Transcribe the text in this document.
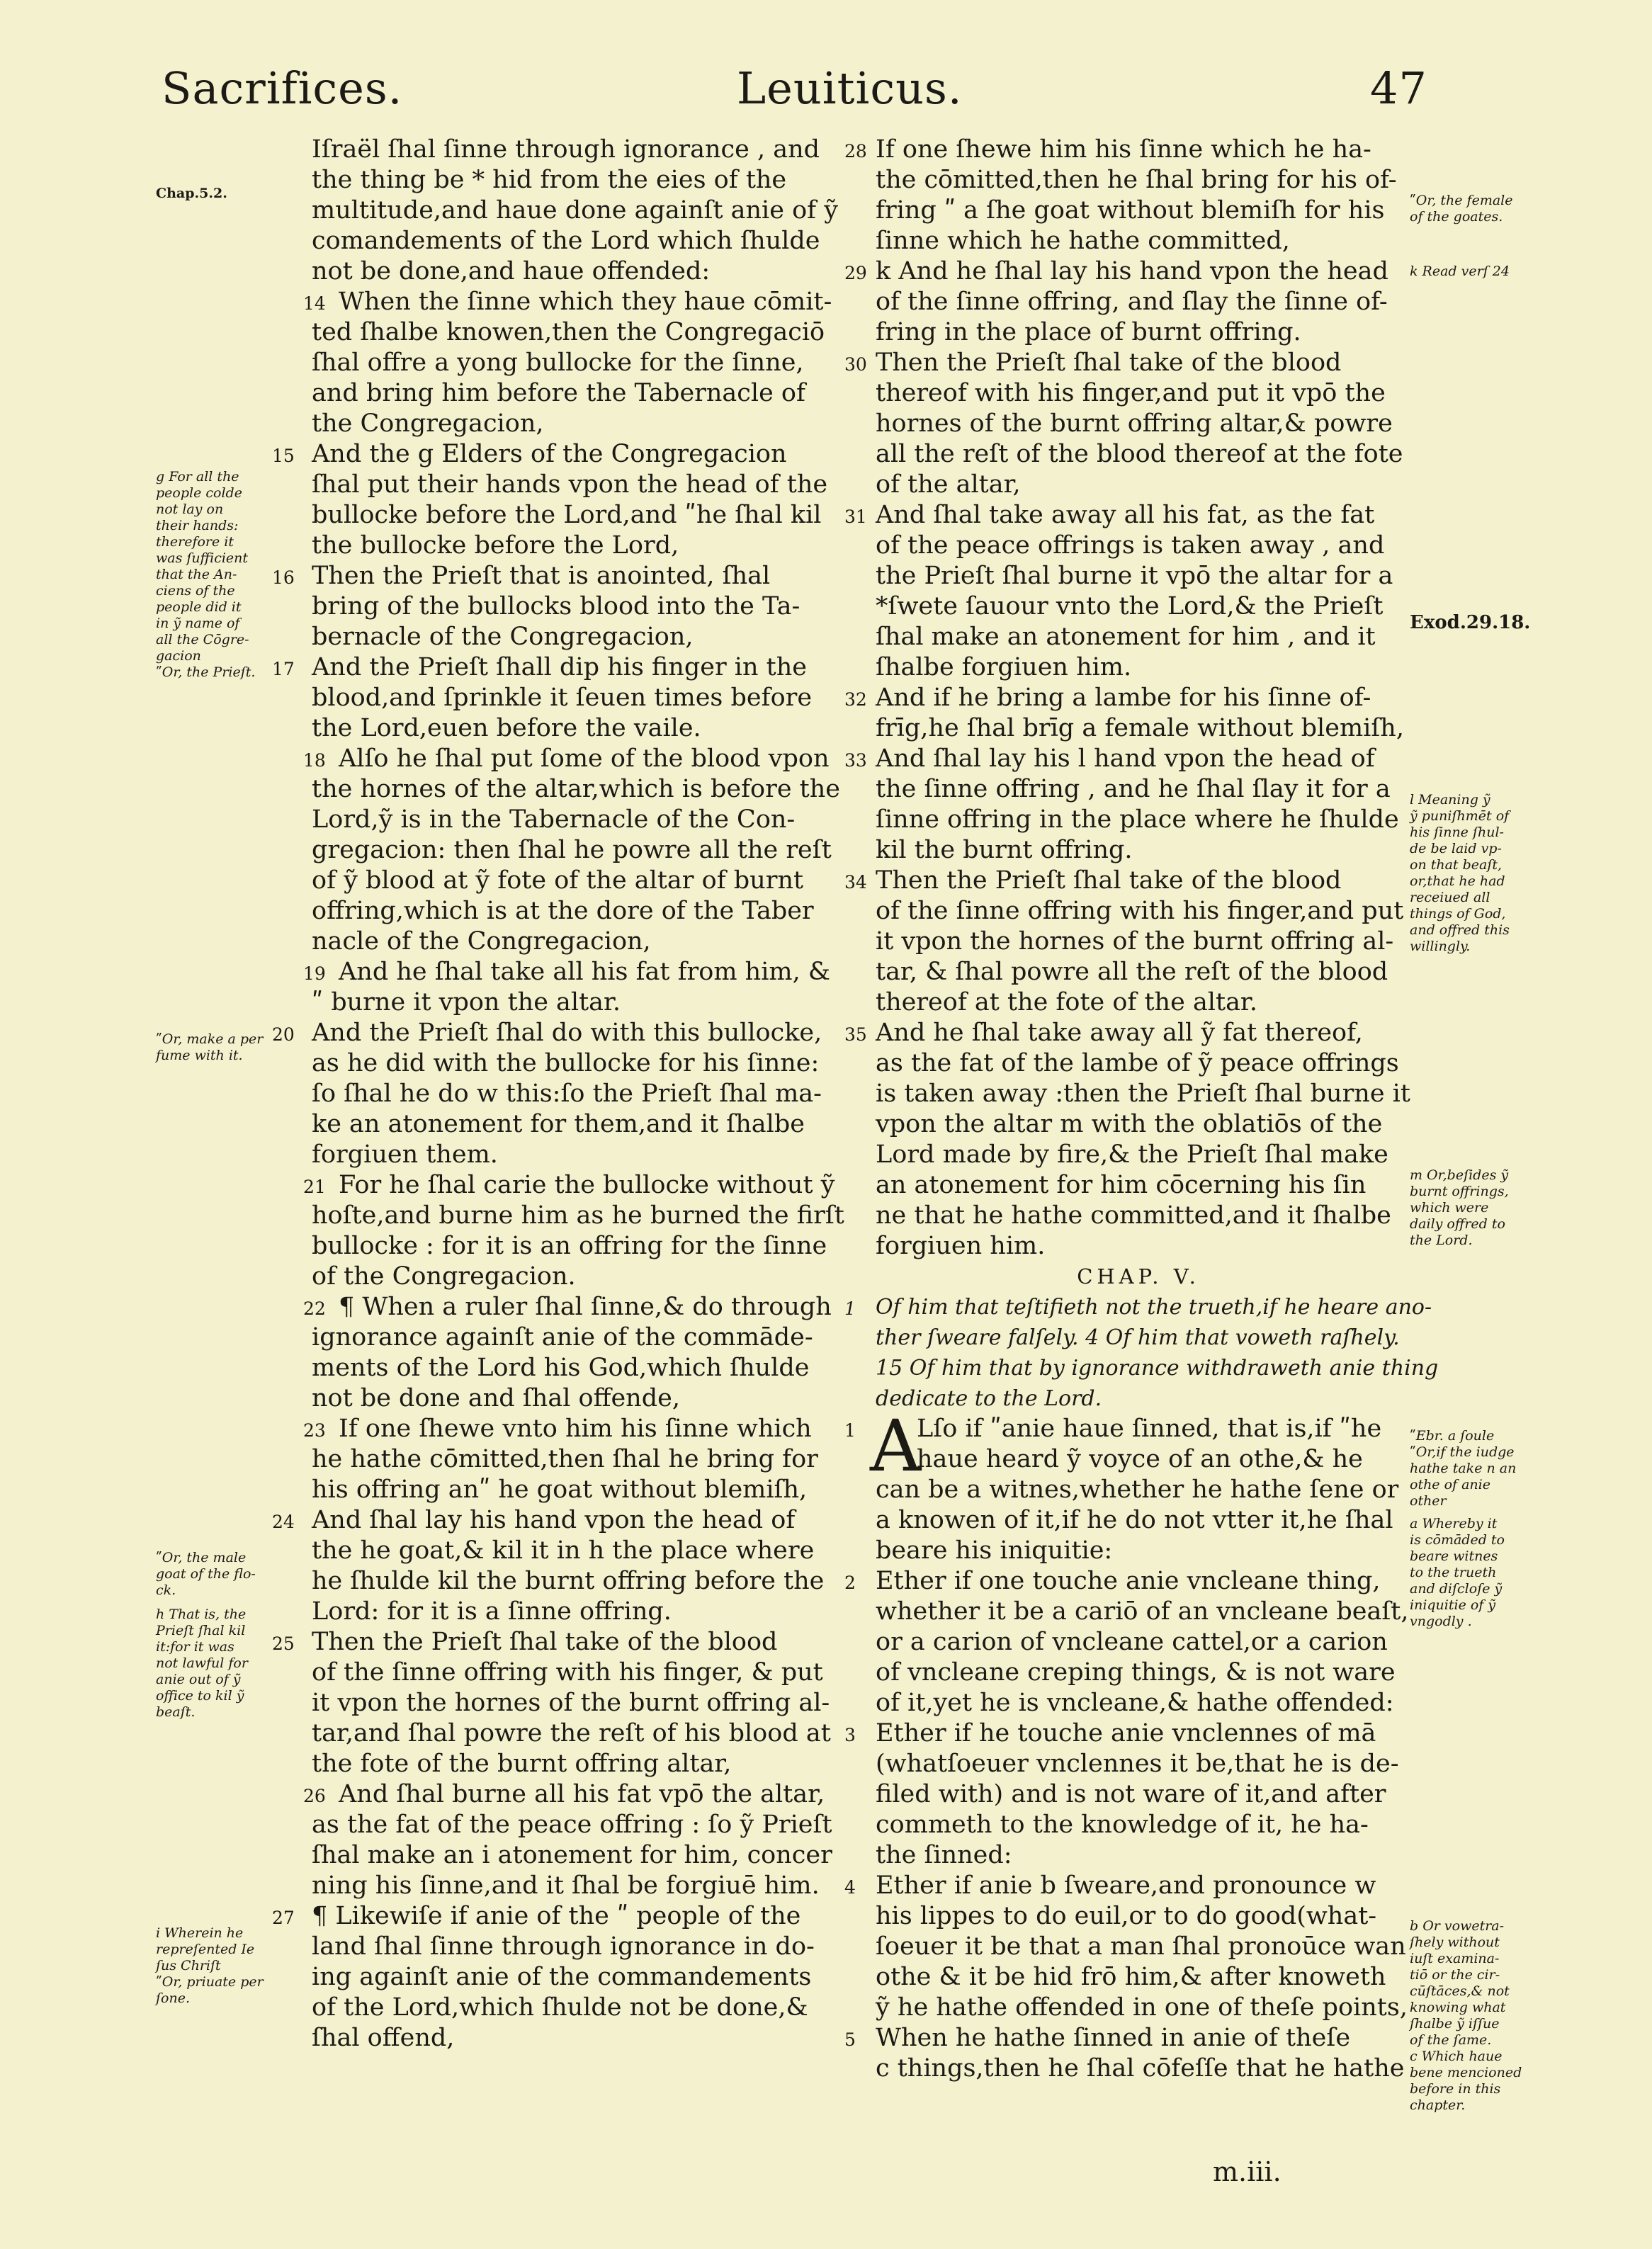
Sacrifices.	Leuiticus.	47
Iſraël ſhal ſinne through ignorance , and
the thing be * hid from the eies of the
multitude,and haue done againſt anie of ỹ
comandements of the Lord which ſhulde
not be done,and haue offended:
14 When the ſinne which they haue cōmit-
ted ſhalbe knowen,then the Congregaciō
ſhal offre a yong bullocke for the ſinne,
and bring him before the Tabernacle of
the Congregacion,
15 And the g Elders of the Congregacion
ſhal put their hands vpon the head of the
bullocke before the Lord,and ʺhe ſhal kil
the bullocke before the Lord,
16 Then the Prieſt that is anointed, ſhal
bring of the bullocks blood into the Ta-
bernacle of the Congregacion,
17 And the Prieſt ſhall dip his finger in the
blood,and ſprinkle it ſeuen times before
the Lord,euen before the vaile.
18 Alſo he ſhal put ſome of the blood vpon
the hornes of the altar,which is before the
Lord,ỹ is in the Tabernacle of the Con-
gregacion: then ſhal he powre all the reſt
of ỹ blood at ỹ fote of the altar of burnt
offring,which is at the dore of the Taber
nacle of the Congregacion,
19 And he ſhal take all his fat from him, &
ʺ burne it vpon the altar.
20 And the Prieſt ſhal do with this bullocke,
as he did with the bullocke for his ſinne:
ſo ſhal he do w this:ſo the Prieſt ſhal ma-
ke an atonement for them,and it ſhalbe
forgiuen them.
21 For he ſhal carie the bullocke without ỹ
hoſte,and burne him as he burned the firſt
bullocke : for it is an offring for the ſinne
of the Congregacion.
22 ¶ When a ruler ſhal ſinne,& do through
ignorance againſt anie of the commāde-
ments of the Lord his God,which ſhulde
not be done and ſhal offende,
23 If one ſhewe vnto him his ſinne which
he hathe cōmitted,then ſhal he bring for
his offring anʺ he goat without blemiſh,
24 And ſhal lay his hand vpon the head of
the he goat,& kil it in h the place where
he ſhulde kil the burnt offring before the
Lord: for it is a ſinne offring.
25 Then the Prieſt ſhal take of the blood
of the ſinne offring with his finger, & put
it vpon the hornes of the burnt offring al-
tar,and ſhal powre the reſt of his blood at
the fote of the burnt offring altar,
26 And ſhal burne all his fat vpō the altar,
as the fat of the peace offring : ſo ỹ Prieſt
ſhal make an i atonement for him, concer
ning his ſinne,and it ſhal be forgiuē him.
27 ¶ Likewiſe if anie of the ʺ people of the
land ſhal ſinne through ignorance in do-
ing againſt anie of the commandements
of the Lord,which ſhulde not be done,&
ſhal offend,
28 If one ſhewe him his ſinne which he ha-
the cōmitted,then he ſhal bring for his of-
fring ʺ a ſhe goat without blemiſh for his
ſinne which he hathe committed,
29 k And he ſhal lay his hand vpon the head
of the ſinne offring, and ſlay the ſinne of-
fring in the place of burnt offring.
30 Then the Prieſt ſhal take of the blood
thereof with his finger,and put it vpō the
hornes of the burnt offring altar,& powre
all the reſt of the blood thereof at the fote
of the altar,
31 And ſhal take away all his fat, as the fat
of the peace offrings is taken away , and
the Prieſt ſhal burne it vpō the altar for a
*ſwete ſauour vnto the Lord,& the Prieſt
ſhal make an atonement for him , and it
ſhalbe forgiuen him.
32 And if he bring a lambe for his ſinne of-
frīg,he ſhal brīg a female without blemiſh,
33 And ſhal lay his l hand vpon the head of
the ſinne offring , and he ſhal ſlay it for a
ſinne offring in the place where he ſhulde
kil the burnt offring.
34 Then the Prieſt ſhal take of the blood
of the ſinne offring with his finger,and put
it vpon the hornes of the burnt offring al-
tar, & ſhal powre all the reſt of the blood
thereof at the fote of the altar.
35 And he ſhal take away all ỹ fat thereof,
as the fat of the lambe of ỹ peace offrings
is taken away :then the Prieſt ſhal burne it
vpon the altar m with the oblatiōs of the
Lord made by fire,& the Prieſt ſhal make
an atonement for him cōcerning his ſin
ne that he hathe committed,and it ſhalbe
forgiuen him.
CHAP. V.
1 Of him that teſtifieth not the trueth,if he heare ano-
ther ſweare falſely. 4 Of him that voweth raſhely.
15 Of him that by ignorance withdraweth anie thing
dedicate to the Lord.
A
1 Lſo if ʺanie haue ſinned, that is,if ʺhe
haue heard ỹ voyce of an othe,& he
can be a witnes,whether he hathe ſene or
a knowen of it,if he do not vtter it,he ſhal
beare his iniquitie:
2 Ether if one touche anie vncleane thing,
whether it be a cariō of an vncleane beaſt,
or a carion of vncleane cattel,or a carion
of vncleane creping things, & is not ware
of it,yet he is vncleane,& hathe offended:
3 Ether if he touche anie vnclennes of mā
(whatſoeuer vnclennes it be,that he is de-
filed with) and is not ware of it,and after
commeth to the knowledge of it, he ha-
the ſinned:
4 Ether if anie b ſweare,and pronounce w
his lippes to do euil,or to do good(what-
ſoeuer it be that a man ſhal pronoūce wan
othe & it be hid frō him,& after knoweth
ỹ he hathe offended in one of theſe points,
5 When he hathe ſinned in anie of theſe
c things,then he ſhal cōfeſſe that he hathe
Chap.5.2.
g For all the
people colde
not lay on
their hands:
therefore it
was ſufficient
that the An-
ciens of the
people did it
in ỹ name of
all the Cōgre-
gacion
ʺOr, the Prieſt.
ʺOr, make a per
fume with it.
ʺOr, the male
goat of the flo-
ck.
h That is, the
Prieſt ſhal kil
it:for it was
not lawful for
anie out of ỹ
office to kil ỹ
beaſt.
i Wherein he
repreſented Ie
ſus Chriſt
ʺOr, priuate per
ſone.
ʺOr, the female
of the goates.
k Read verſ 24
Exod.29.18.
l Meaning ỹ
ỹ puniſhmēt of
his ſinne ſhul-
de be laid vp-
on that beaſt,
or,that he had
receiued all
things of God,
and offred this
willingly.
m Or,beſides ỹ
burnt offrings,
which were
daily offred to
the Lord.
ʺEbr. a ſoule
ʺOr,if the iudge
hathe take n an
othe of anie
other
a Whereby it
is cōmāded to
beare witnes
to the trueth
and diſcloſe ỹ
iniquitie of ỹ
vngodly .
b Or vowetra-
ſhely without
iuſt examina-
tiō or the cir-
cūſtāces,& not
knowing what
ſhalbe ỹ iſſue
of the ſame.
c Which haue
bene mencioned
before in this
chapter.
m.iii.
